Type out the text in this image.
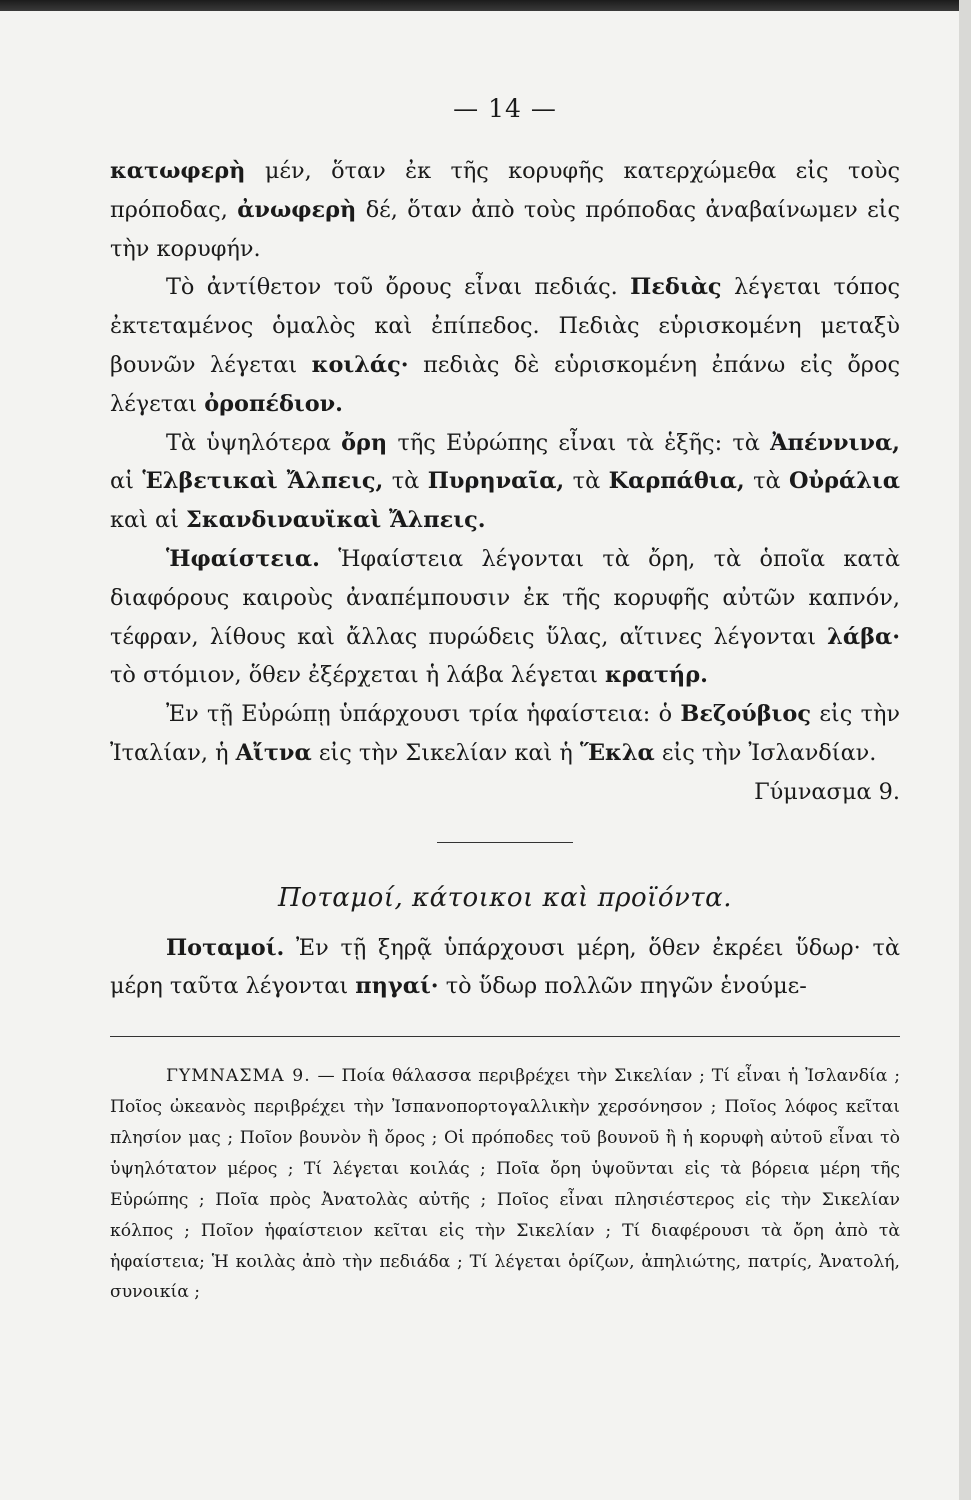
— 14 —

κατωφερὴ μέν, ὅταν ἐκ τῆς κορυφῆς κατερχώμεθα εἰς τοὺς πρόποδας, ἀνωφερὴ δέ, ὅταν ἀπὸ τοὺς πρόποδας ἀναβαίνωμεν εἰς τὴν κορυφήν.

Τὸ ἀντίθετον τοῦ ὄρους εἶναι πεδιάς. Πεδιὰς λέγεται τόπος ἐκτεταμένος ὁμαλὸς καὶ ἐπίπεδος. Πεδιὰς εὑρισκομένη μεταξὺ βουνῶν λέγεται κοιλάς· πεδιὰς δὲ εὑρισκομένη ἐπάνω εἰς ὄρος λέγεται ὀροπέδιον.

Τὰ ὑψηλότερα ὄρη τῆς Εὐρώπης εἶναι τὰ ἑξῆς: τὰ Ἀπέννινα, αἱ Ἑλβετικαὶ Ἄλπεις, τὰ Πυρηναῖα, τὰ Καρπάθια, τὰ Οὐράλια καὶ αἱ Σκανδιναυϊκαὶ Ἄλπεις.

Ἡφαίστεια. Ἡφαίστεια λέγονται τὰ ὄρη, τὰ ὁποῖα κατὰ διαφόρους καιροὺς ἀναπέμπουσιν ἐκ τῆς κορυφῆς αὐτῶν καπνόν, τέφραν, λίθους καὶ ἄλλας πυρώδεις ὕλας, αἵτινες λέγονται λάβα· τὸ στόμιον, ὅθεν ἐξέρχεται ἡ λάβα λέγεται κρατήρ.

Ἐν τῇ Εὐρώπῃ ὑπάρχουσι τρία ἡφαίστεια: ὁ Βεζούβιος εἰς τὴν Ἰταλίαν, ἡ Αἴτνα εἰς τὴν Σικελίαν καὶ ἡ Ἕκλα εἰς τὴν Ἰσλανδίαν.
Γύμνασμα 9.

Ποταμοί, κάτοικοι καὶ προϊόντα.

Ποταμοί. Ἐν τῇ ξηρᾷ ὑπάρχουσι μέρη, ὅθεν ἐκρέει ὕδωρ· τὰ μέρη ταῦτα λέγονται πηγαί· τὸ ὕδωρ πολλῶν πηγῶν ἑνούμε-

ΓΥΜΝΑΣΜΑ 9. — Ποία θάλασσα περιβρέχει τὴν Σικελίαν ; Τί εἶναι ἡ Ἰσλανδία ; Ποῖος ὠκεανὸς περιβρέχει τὴν Ἰσπανοπορτογαλλικὴν χερσόνησον ; Ποῖος λόφος κεῖται πλησίον μας ; Ποῖον βουνὸν ἢ ὄρος ; Οἱ πρόποδες τοῦ βουνοῦ ἢ ἡ κορυφὴ αὐτοῦ εἶναι τὸ ὑψηλότατον μέρος ; Τί λέγεται κοιλάς ; Ποῖα ὄρη ὑψοῦνται εἰς τὰ βόρεια μέρη τῆς Εὐρώπης ; Ποῖα πρὸς Ἀνατολὰς αὐτῆς ; Ποῖος εἶναι πλησιέστερος εἰς τὴν Σικελίαν κόλπος ; Ποῖον ἡφαίστειον κεῖται εἰς τὴν Σικελίαν ; Τί διαφέρουσι τὰ ὄρη ἀπὸ τὰ ἡφαίστεια; Ἡ κοιλὰς ἀπὸ τὴν πεδιάδα ; Τί λέγεται ὁρίζων, ἀπηλιώτης, πατρίς, Ἀνατολή, συνοικία ;
